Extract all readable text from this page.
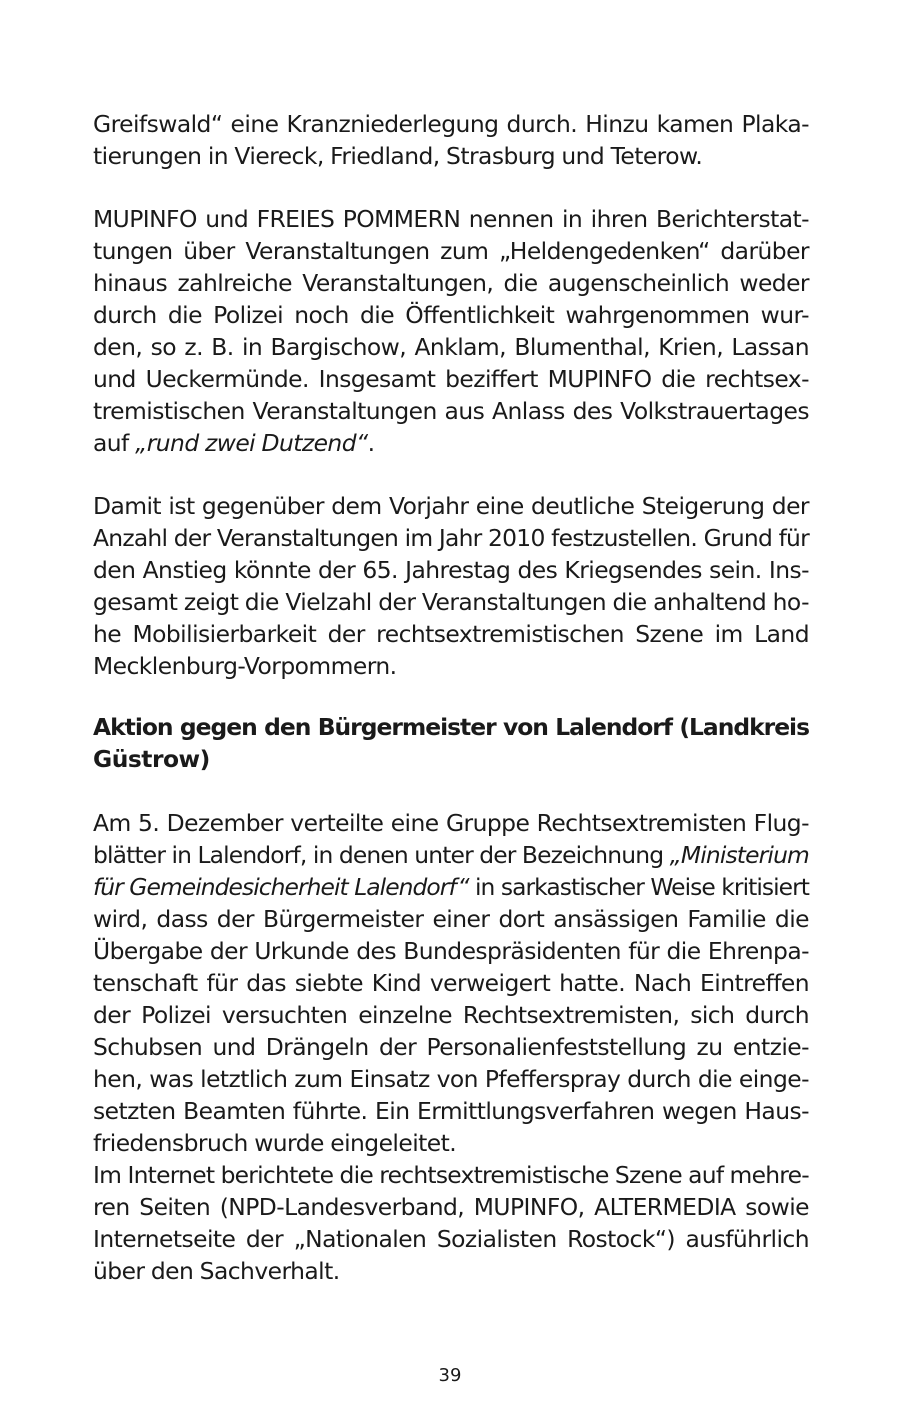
Greifswald“ eine Kranzniederlegung durch. Hinzu kamen Plaka-
tierungen in Viereck, Friedland, Strasburg und Teterow.
MUPINFO und FREIES POMMERN nennen in ihren Berichterstat-
tungen über Veranstaltungen zum „Heldengedenken“ darüber
hinaus zahlreiche Veranstaltungen, die augenscheinlich weder
durch die Polizei noch die Öffentlichkeit wahrgenommen wur-
den, so z. B. in Bargischow, Anklam, Blumenthal, Krien, Lassan
und Ueckermünde. Insgesamt beziffert MUPINFO die rechtsex-
tremistischen Veranstaltungen aus Anlass des Volkstrauertages
auf „rund zwei Dutzend“.
Damit ist gegenüber dem Vorjahr eine deutliche Steigerung der
Anzahl der Veranstaltungen im Jahr 2010 festzustellen. Grund für
den Anstieg könnte der 65. Jahrestag des Kriegsendes sein. Ins-
gesamt zeigt die Vielzahl der Veranstaltungen die anhaltend ho-
he Mobilisierbarkeit der rechtsextremistischen Szene im Land
Mecklenburg-Vorpommern.
Aktion gegen den Bürgermeister von Lalendorf (Landkreis
Güstrow)
Am 5. Dezember verteilte eine Gruppe Rechtsextremisten Flug-
blätter in Lalendorf, in denen unter der Bezeichnung „Ministerium
für Gemeindesicherheit Lalendorf“ in sarkastischer Weise kritisiert
wird, dass der Bürgermeister einer dort ansässigen Familie die
Übergabe der Urkunde des Bundespräsidenten für die Ehrenpa-
tenschaft für das siebte Kind verweigert hatte. Nach Eintreffen
der Polizei versuchten einzelne Rechtsextremisten, sich durch
Schubsen und Drängeln der Personalienfeststellung zu entzie-
hen, was letztlich zum Einsatz von Pfefferspray durch die einge-
setzten Beamten führte. Ein Ermittlungsverfahren wegen Haus-
friedensbruch wurde eingeleitet.
Im Internet berichtete die rechtsextremistische Szene auf mehre-
ren Seiten (NPD-Landesverband, MUPINFO, ALTERMEDIA sowie
Internetseite der „Nationalen Sozialisten Rostock“) ausführlich
über den Sachverhalt.
39
